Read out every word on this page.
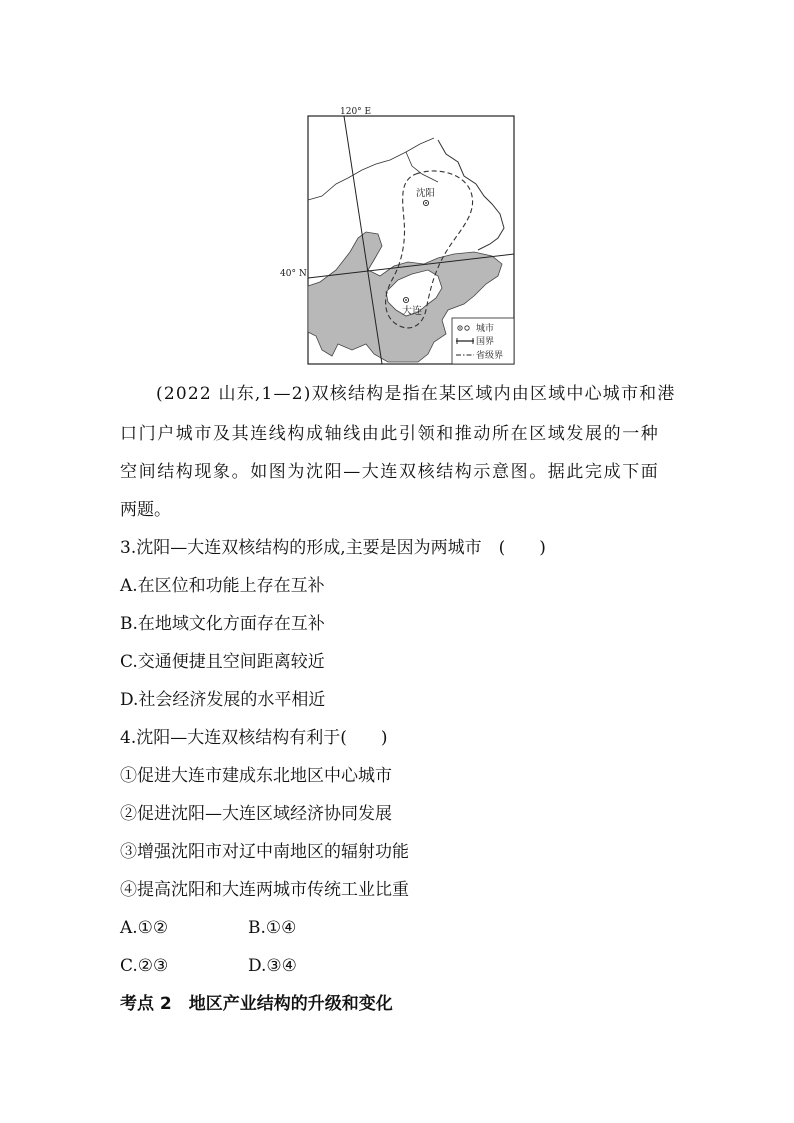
120° E
40° N
沈阳
大连
城市
国界
省级界
(2022 山东,1—2)双核结构是指在某区域内由区域中心城市和港
口门户城市及其连线构成轴线由此引领和推动所在区域发展的一种
空间结构现象。如图为沈阳—大连双核结构示意图。据此完成下面
两题。
3.沈阳—大连双核结构的形成,主要是因为两城市　(　　)
A.在区位和功能上存在互补
B.在地域文化方面存在互补
C.交通便捷且空间距离较近
D.社会经济发展的水平相近
4.沈阳—大连双核结构有利于(　　)
①促进大连市建成东北地区中心城市
②促进沈阳—大连区域经济协同发展
③增强沈阳市对辽中南地区的辐射功能
④提高沈阳和大连两城市传统工业比重
A.①②	B.①④
C.②③	D.③④
考点 2　地区产业结构的升级和变化
